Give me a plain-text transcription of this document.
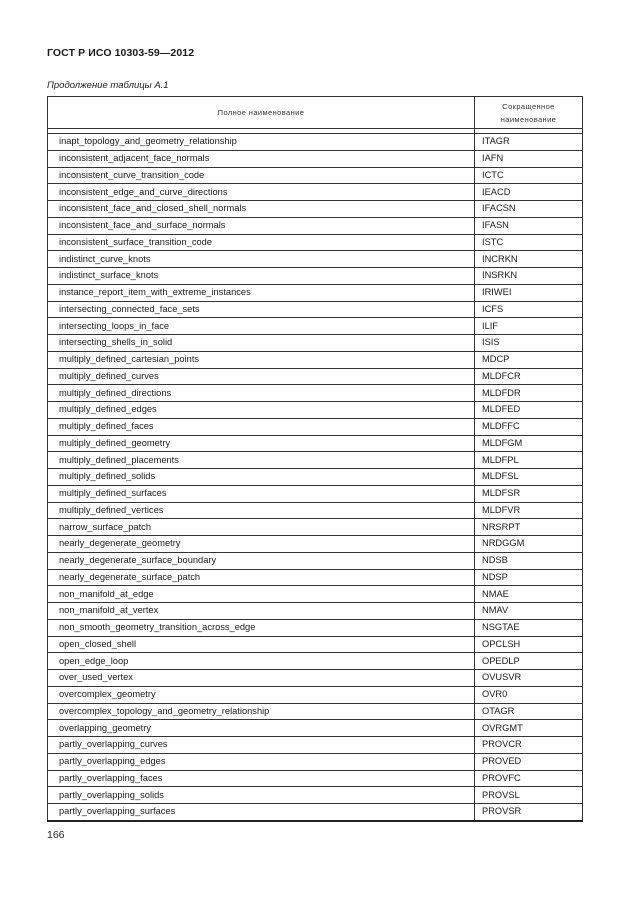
ГОСТ Р ИСО 10303-59—2012
Продолжение таблицы А.1
Полное наименование	Сокращенное
наименование

inapt_topology_and_geometry_relationship	ITAGR
inconsistent_adjacent_face_normals	IAFN
inconsistent_curve_transition_code	ICTC
inconsistent_edge_and_curve_directions	IEACD
inconsistent_face_and_closed_shell_normals	IFACSN
inconsistent_face_and_surface_normals	IFASN
inconsistent_surface_transition_code	ISTC
indistinct_curve_knots	INCRKN
indistinct_surface_knots	INSRKN
instance_report_item_with_extreme_instances	IRIWEI
intersecting_connected_face_sets	ICFS
intersecting_loops_in_face	ILIF
intersecting_shells_in_solid	ISIS
multiply_defined_cartesian_points	MDCP
multiply_defined_curves	MLDFCR
multiply_defined_directions	MLDFDR
multiply_defined_edges	MLDFED
multiply_defined_faces	MLDFFC
multiply_defined_geometry	MLDFGM
multiply_defined_placements	MLDFPL
multiply_defined_solids	MLDFSL
multiply_defined_surfaces	MLDFSR
multiply_defined_vertices	MLDFVR
narrow_surface_patch	NRSRPT
nearly_degenerate_geometry	NRDGGM
nearly_degenerate_surface_boundary	NDSB
nearly_degenerate_surface_patch	NDSP
non_manifold_at_edge	NMAE
non_manifold_at_vertex	NMAV
non_smooth_geometry_transition_across_edge	NSGTAE
open_closed_shell	OPCLSH
open_edge_loop	OPEDLP
over_used_vertex	OVUSVR
overcomplex_geometry	OVR0
overcomplex_topology_and_geometry_relationship	OTAGR
overlapping_geometry	OVRGMT
partly_overlapping_curves	PROVCR
partly_overlapping_edges	PROVED
partly_overlapping_faces	PROVFC
partly_overlapping_solids	PROVSL
partly_overlapping_surfaces	PROVSR
166
